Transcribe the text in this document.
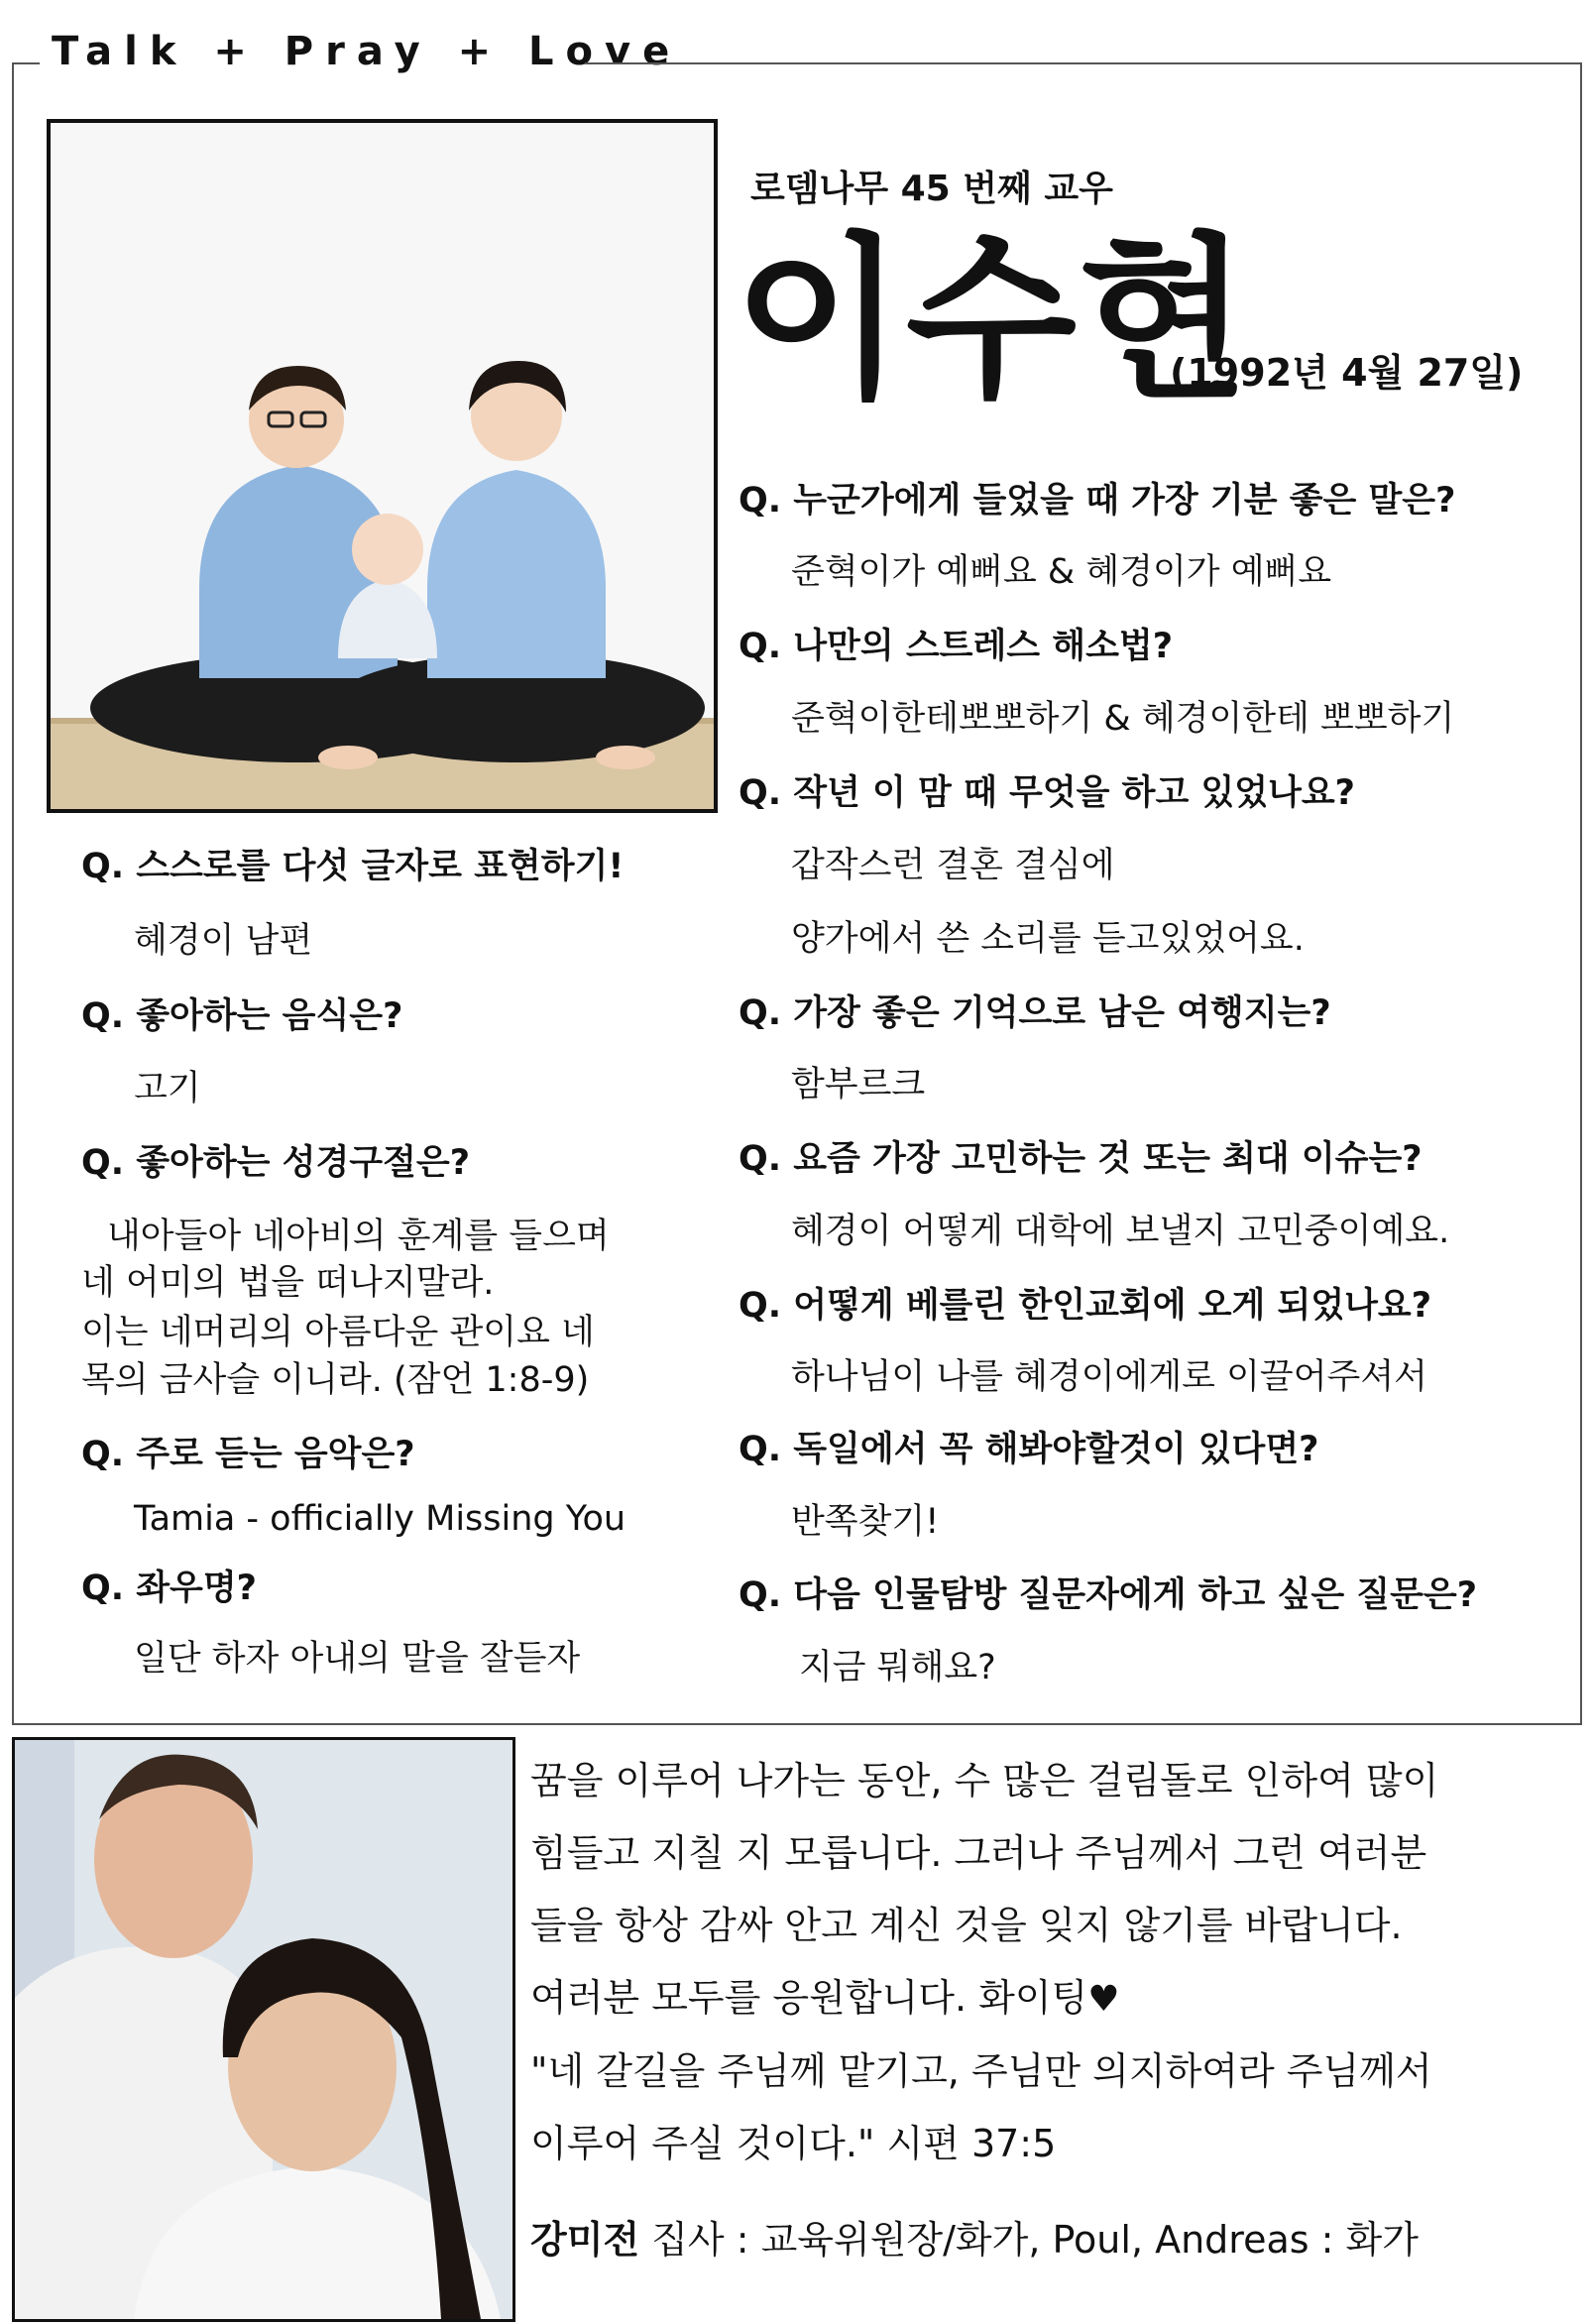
Talk + Pray + Love
로뎀나무 45 번째 교우
이수현
(1992년 4월 27일)
Q. 스스로를 다섯 글자로 표현하기!
혜경이 남편
Q. 좋아하는 음식은?
고기
Q. 좋아하는 성경구절은?
내아들아 네아비의 훈계를 들으며
네 어미의 법을 떠나지말라.
이는 네머리의 아름다운 관이요 네
목의 금사슬 이니라. (잠언 1:8-9)
Q. 주로 듣는 음악은?
Tamia - officially Missing You
Q. 좌우명?
일단 하자 아내의 말을 잘듣자
Q. 누군가에게 들었을 때 가장 기분 좋은 말은?
준혁이가 예뻐요 & 혜경이가 예뻐요
Q. 나만의 스트레스 해소법?
준혁이한테뽀뽀하기 & 혜경이한테 뽀뽀하기
Q. 작년 이 맘 때 무엇을 하고 있었나요?
갑작스런 결혼 결심에
양가에서 쓴 소리를 듣고있었어요.
Q. 가장 좋은 기억으로 남은 여행지는?
함부르크
Q. 요즘 가장 고민하는 것 또는 최대 이슈는?
혜경이 어떻게 대학에 보낼지 고민중이예요.
Q. 어떻게 베를린 한인교회에 오게 되었나요?
하나님이 나를 혜경이에게로 이끌어주셔서
Q. 독일에서 꼭 해봐야할것이 있다면?
반쪽찾기!
Q. 다음 인물탐방 질문자에게 하고 싶은 질문은?
지금 뭐해요?
꿈을 이루어 나가는 동안, 수 많은 걸림돌로 인하여 많이
힘들고 지칠 지 모릅니다. 그러나 주님께서 그런 여러분
들을 항상 감싸 안고 계신 것을 잊지 않기를 바랍니다.
여러분 모두를 응원합니다. 화이팅♥
"네 갈길을 주님께 맡기고, 주님만 의지하여라 주님께서
이루어 주실 것이다." 시편 37:5
강미전 집사 : 교육위원장/화가, Poul, Andreas : 화가
